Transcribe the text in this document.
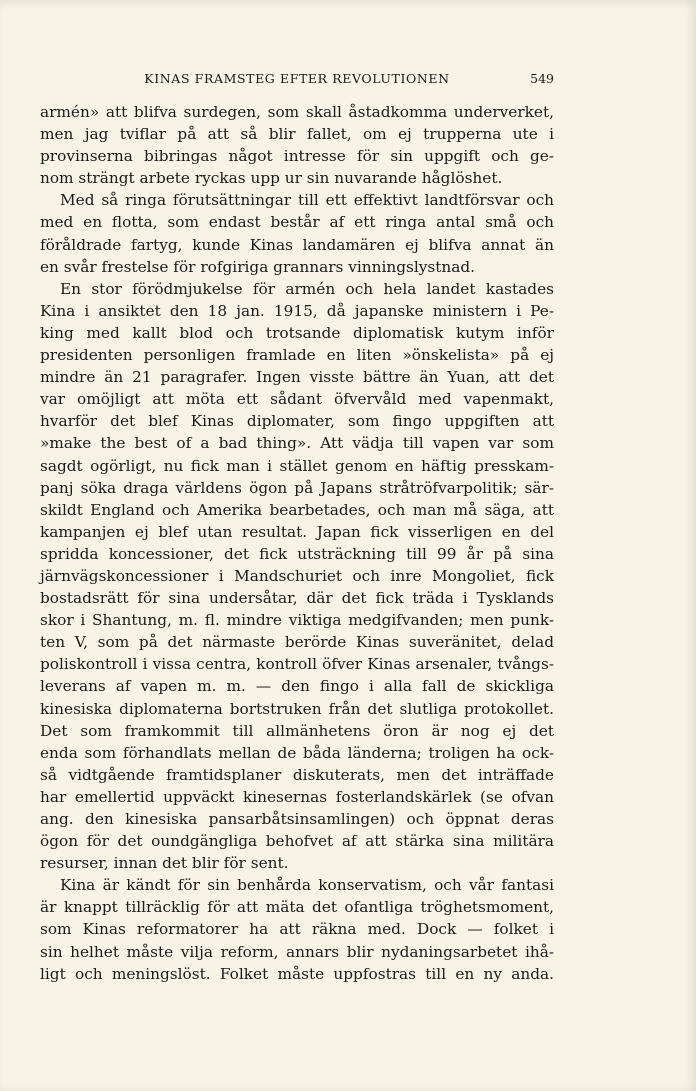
KINAS FRAMSTEG EFTER REVOLUTIONEN	549
armén» att blifva surdegen, som skall åstadkomma underverket,
men jag tviflar på att så blir fallet, om ej trupperna ute i
provinserna bibringas något intresse för sin uppgift och ge-
nom strängt arbete ryckas upp ur sin nuvarande håglöshet.
Med så ringa förutsättningar till ett effektivt landtförsvar och
med en flotta, som endast består af ett ringa antal små och
föråldrade fartyg, kunde Kinas landamären ej blifva annat än
en svår frestelse för rofgiriga grannars vinningslystnad.
En stor förödmjukelse för armén och hela landet kastades
Kina i ansiktet den 18 jan. 1915, då japanske ministern i Pe-
king med kallt blod och trotsande diplomatisk kutym inför
presidenten personligen framlade en liten »önskelista» på ej
mindre än 21 paragrafer. Ingen visste bättre än Yuan, att det
var omöjligt att möta ett sådant öfvervåld med vapenmakt,
hvarför det blef Kinas diplomater, som fingo uppgiften att
»make the best of a bad thing». Att vädja till vapen var som
sagdt ogörligt, nu fick man i stället genom en häftig presskam-
panj söka draga världens ögon på Japans stråtröfvarpolitik; sär-
skildt England och Amerika bearbetades, och man må säga, att
kampanjen ej blef utan resultat. Japan fick visserligen en del
spridda koncessioner, det fick utsträckning till 99 år på sina
järnvägskoncessioner i Mandschuriet och inre Mongoliet, fick
bostadsrätt för sina undersåtar, där det fick träda i Tysklands
skor i Shantung, m. fl. mindre viktiga medgifvanden; men punk-
ten V, som på det närmaste berörde Kinas suveränitet, delad
poliskontroll i vissa centra, kontroll öfver Kinas arsenaler, tvångs-
leverans af vapen m. m. — den fingo i alla fall de skickliga
kinesiska diplomaterna bortstruken från det slutliga protokollet.
Det som framkommit till allmänhetens öron är nog ej det
enda som förhandlats mellan de båda länderna; troligen ha ock-
så vidtgående framtidsplaner diskuterats, men det inträffade
har emellertid uppväckt kinesernas fosterlandskärlek (se ofvan
ang. den kinesiska pansarbåtsinsamlingen) och öppnat deras
ögon för det oundgängliga behofvet af att stärka sina militära
resurser, innan det blir för sent.
Kina är kändt för sin benhårda konservatism, och vår fantasi
är knappt tillräcklig för att mäta det ofantliga tröghetsmoment,
som Kinas reformatorer ha att räkna med. Dock — folket i
sin helhet måste vilja reform, annars blir nydaningsarbetet ihå-
ligt och meningslöst. Folket måste uppfostras till en ny anda.
